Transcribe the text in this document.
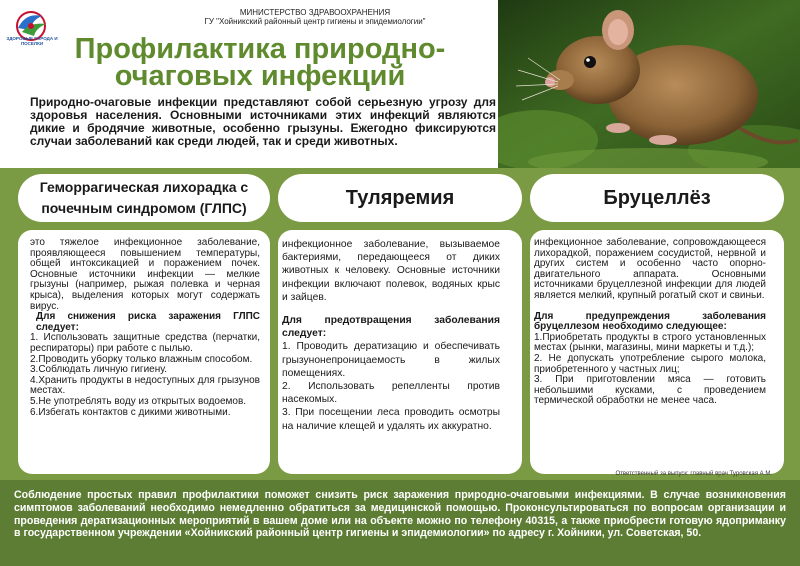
ЗДОРОВЫЕ ГОРОДА И ПОСЕЛКИ
МИНИСТЕРСТВО ЗДРАВООХРАНЕНИЯ
ГУ "Хойникский районный центр гигиены и эпидемиологии"
Профилактика природно-
очаговых инфекций
Природно-очаговые инфекции представляют собой серьезную угрозу для здоровья населения. Основными источниками этих инфекций являются дикие и бродячие животные, особенно грызуны. Ежегодно фиксируются случаи заболеваний как среди людей, так и среди животных.
Геморрагическая лихорадка с почечным синдромом (ГЛПС)	Туляремия	Бруцеллёз

это тяжелое инфекционное заболевание, проявляющееся повышением температуры, общей интоксикацией и поражением почек. Основные источники инфекции — мелкие грызуны (например, рыжая полевка и черная крыса), выделения которых могут содержать вирус.

Для снижения риска заражения ГЛПС следует:

1. Использовать защитные средства (перчатки, респираторы) при работе с пылью.

2.Проводить уборку только влажным способом.

3.Соблюдать личную гигиену.

4.Хранить продукты в недоступных для грызунов местах.

5.Не употреблять воду из открытых водоемов.

6.Избегать контактов с дикими животными.

инфекционное заболевание, вызываемое бактериями, передающееся от диких животных к человеку. Основные источники инфекции включают полевок, водяных крыс и зайцев.

Для предотвращения заболевания следует:

1. Проводить дератизацию и обеспечивать грызунонепроницаемость в жилых помещениях.

2. Использовать репелленты против насекомых.

3. При посещении леса проводить осмотры на наличие клещей и удалять их аккуратно.

инфекционное заболевание, сопровождающееся лихорадкой, поражением сосудистой, нервной и других систем и особенно часто опорно-двигательного аппарата. Основными источниками бруцеллезной инфекции для людей является мелкий, крупный рогатый скот и свиньи.

Для предупреждения заболевания бруцеллезом необходимо следующее:

1.Приобретать продукты в строго установленных местах (рынки, магазины, мини маркеты и т.д.);

2. Не допускать употребление сырого молока, приобретенного у частных лиц;

3. При приготовлении мяса — готовить небольшими кусками, с проведением термической обработки не менее часа.

Ответственный за выпуск: главный врач Туровская А.М.
Соблюдение простых правил профилактики поможет снизить риск заражения природно-очаговыми инфекциями. В случае возникновения симптомов заболеваний необходимо немедленно обратиться за медицинской помощью. Проконсультироваться по вопросам организации и проведения дератизационных мероприятий в вашем доме или на объекте можно по телефону 40315, а также приобрести готовую ядоприманку в государственном учреждении «Хойникский районный центр гигиены и эпидемиологии» по адресу г. Хойники, ул. Советская, 50.
